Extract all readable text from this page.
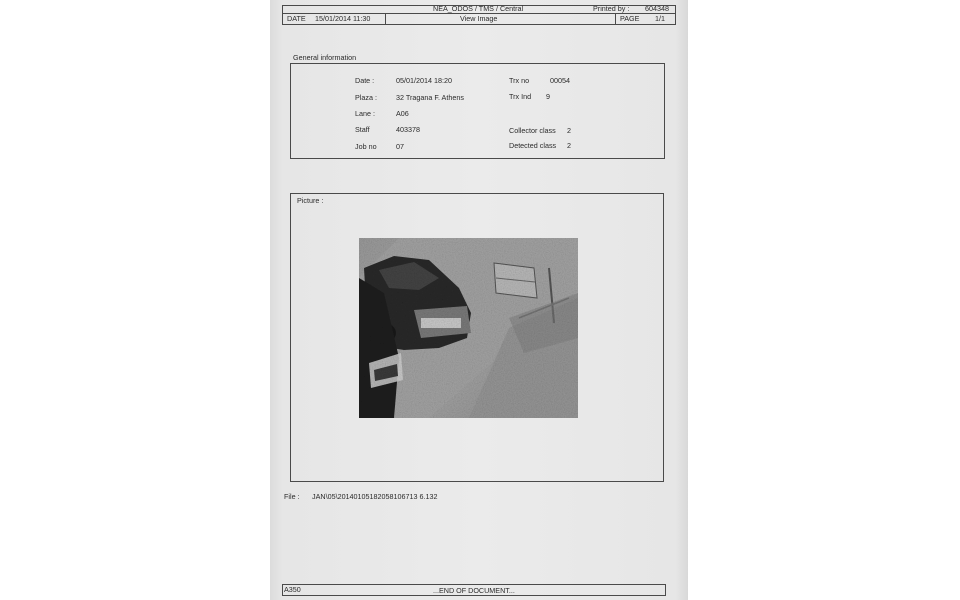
NEA_ODOS / TMS / Central	Printed by : 604348
DATE 15/01/2014 11:30	View Image	PAGE 1/1
General information
Date :	05/01/2014 18:20
Plaza :	32 Tragana F. Athens
Lane :	A06
Staff	403378
Job no	07
Trx no	00054
Trx Ind 9
Collector class 2
Detected class 2
Picture :
File : JAN\05\20140105182058106713 6.132
A350	...END OF DOCUMENT...
